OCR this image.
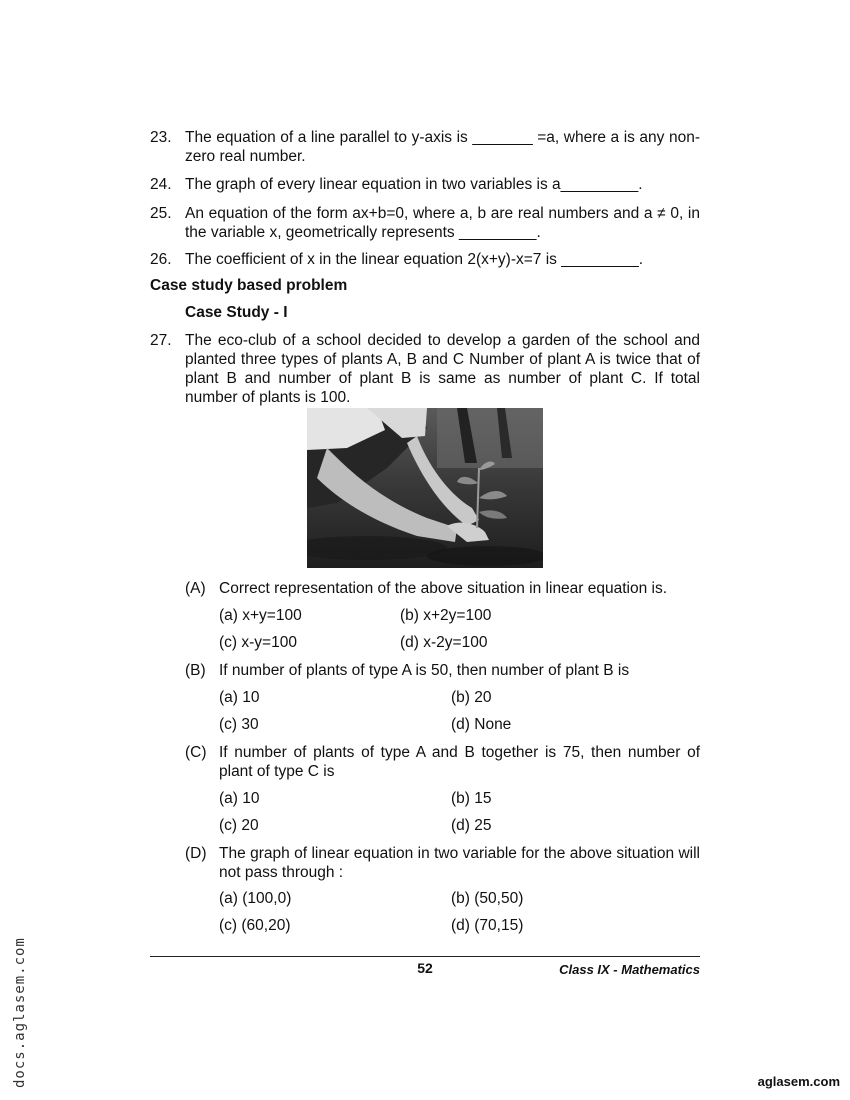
23. The equation of a line parallel to y-axis is _______ =a, where a is any non-zero real number.
24. The graph of every linear equation in two variables is a_________.
25. An equation of the form ax+b=0, where a, b are real numbers and a ≠ 0, in the variable x, geometrically represents _________.
26. The coefficient of x in the linear equation 2(x+y)-x=7 is _________.
Case study based problem
Case Study - I
27. The eco-club of a school decided to develop a garden of the school and planted three types of plants A, B and C Number of plant A is twice that of plant B and number of plant B is same as number of plant C. If total number of plants is 100.
(A) Correct representation of the above situation in linear equation is.
(a) x+y=100	(b) x+2y=100
(c) x-y=100	(d) x-2y=100
(B) If number of plants of type A is 50, then number of plant B is
(a) 10	(b) 20
(c) 30	(d) None
(C) If number of plants of type A and B together is 75, then number of plant of type C is
(a) 10	(b) 15
(c) 20	(d) 25
(D) The graph of linear equation in two variable for the above situation will not pass through :
(a) (100,0)	(b) (50,50)
(c) (60,20)	(d) (70,15)
52	Class IX - Mathematics
docs.aglasem.com	aglasem.com
